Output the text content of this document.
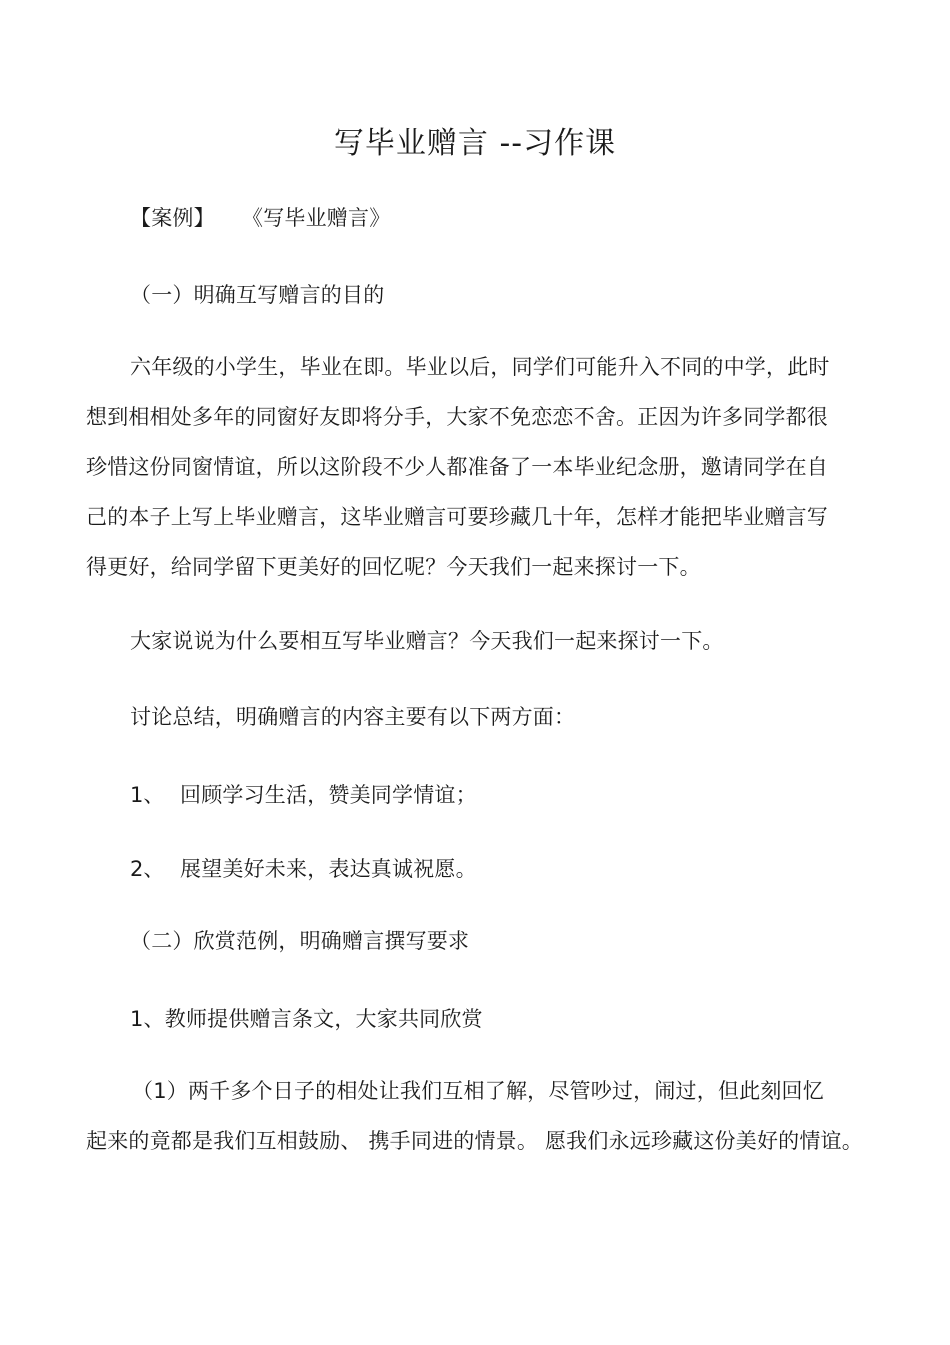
写毕业赠言 --习作课

【案例】 《写毕业赠言》

（一）明确互写赠言的目的

六年级的小学生，毕业在即。毕业以后，同学们可能升入不同的中学，此时

想到相相处多年的同窗好友即将分手，大家不免恋恋不舍。正因为许多同学都很

珍惜这份同窗情谊，所以这阶段不少人都准备了一本毕业纪念册，邀请同学在自

己的本子上写上毕业赠言，这毕业赠言可要珍藏几十年，怎样才能把毕业赠言写

得更好，给同学留下更美好的回忆呢？今天我们一起来探讨一下。

大家说说为什么要相互写毕业赠言？今天我们一起来探讨一下。

讨论总结，明确赠言的内容主要有以下两方面：

1、 回顾学习生活，赞美同学情谊；

2、 展望美好未来，表达真诚祝愿。

（二）欣赏范例，明确赠言撰写要求

1、教师提供赠言条文，大家共同欣赏

（1）两千多个日子的相处让我们互相了解，尽管吵过，闹过，但此刻回忆

起来的竟都是我们互相鼓励、 携手同进的情景。 愿我们永远珍藏这份美好的情谊。
